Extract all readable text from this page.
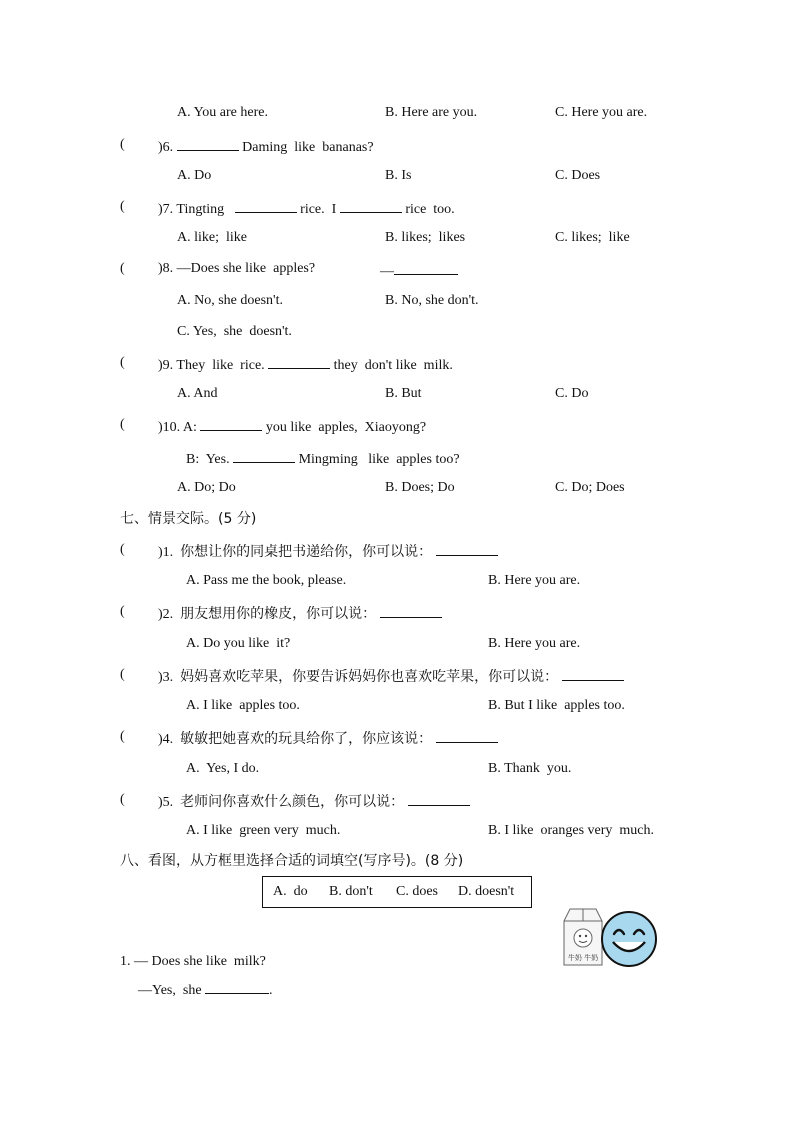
A. You are here.	B. Here are you.	C. Here you are.
( )6.	Daming  like  bananas?
A. Do	B. Is	C. Does
( )7. Tingting	rice.  I	rice  too.
A. like;  like	B. likes;  likes	C. likes;  like
( )8. —Does she like  apples?	—
A. No, she doesn't.	B. No, she don't.
C. Yes,  she  doesn't.
( )9. They  like  rice.	they  don't like  milk.
A. And	B. But	C. Do
( )10. A:	you like  apples,  Xiaoyong?
B:  Yes.	Mingming   like  apples too?
A. Do; Do	B. Does; Do	C. Do; Does
七、情景交际。(5 分)
( )1. 你想让你的同桌把书递给你，你可以说：
A. Pass me the book, please.	B. Here you are.
( )2. 朋友想用你的橡皮，你可以说：
A. Do you like  it?	B. Here you are.
( )3. 妈妈喜欢吃苹果，你要告诉妈妈你也喜欢吃苹果，你可以说：
A. I like  apples too.	B. But I like  apples too.
( )4. 敏敏把她喜欢的玩具给你了，你应该说：
A.  Yes, I do.	B. Thank  you.
( )5. 老师问你喜欢什么颜色，你可以说：
A. I like  green very  much.	B. I like  oranges very  much.
八、看图，从方框里选择合适的词填空(写序号)。(8 分)
A.  do B. don't C. does D. doesn't
牛奶 牛奶
1. — Does she like  milk?
—Yes,  she	.
